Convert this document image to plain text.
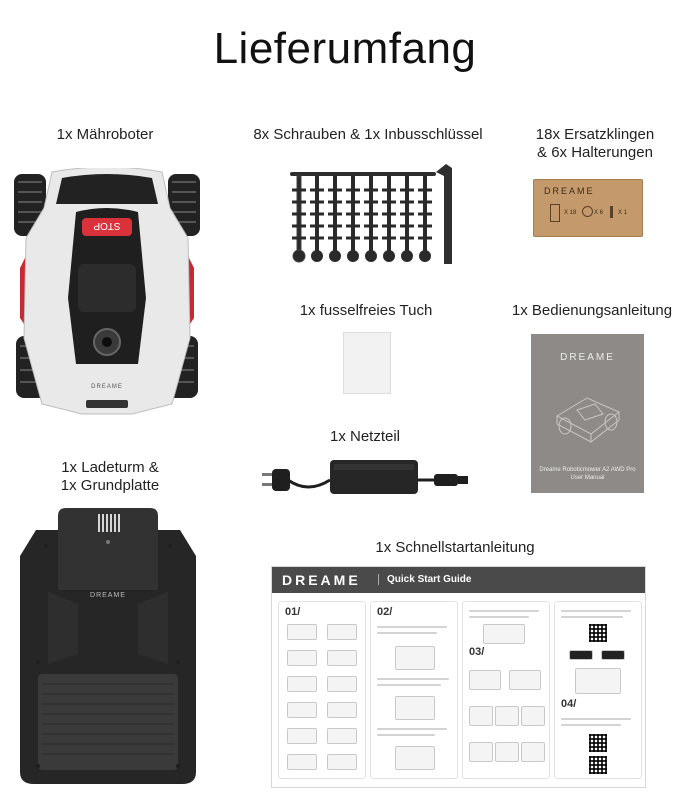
Lieferumfang
1x Mähroboter
STOP
DREAME
8x Schrauben & 1x Inbusschlüssel	18x Ersatzklingen
& 6x Halterungen
DREAME
X 18	X 6 X 1
1x fusselfreies Tuch	1x Bedienungsanleitung
DREAME
Dreame Roboticmower A2 AWD Pro User Manual
1x Netzteil
1x Ladeturm &
1x Grundplatte
DREAME
1x Schnellstartanleitung
DREAME	Quick Start Guide
01/	02/
03/
04/
